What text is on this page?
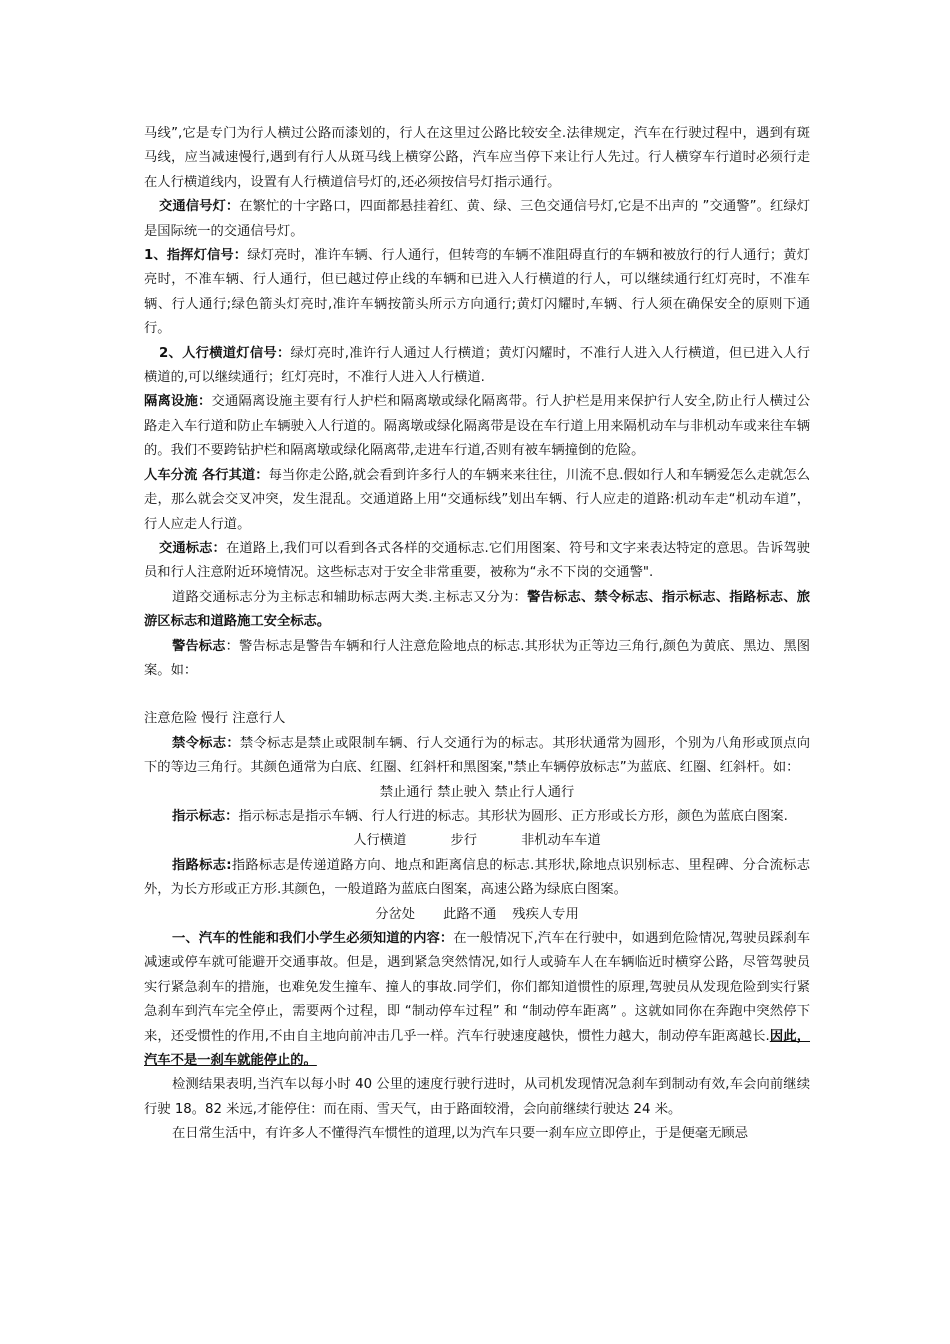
马线”,它是专门为行人横过公路而漆划的，行人在这里过公路比较安全.法律规定，汽车在行驶过程中，遇到有斑马线，应当减速慢行,遇到有行人从斑马线上横穿公路，汽车应当停下来让行人先过。行人横穿车行道时必须行走在人行横道线内，设置有人行横道信号灯的,还必须按信号灯指示通行。

交通信号灯：在繁忙的十字路口，四面都悬挂着红、黄、绿、三色交通信号灯,它是不出声的 ”交通警”。红绿灯是国际统一的交通信号灯。

1、指挥灯信号：绿灯亮时，准许车辆、行人通行，但转弯的车辆不准阻碍直行的车辆和被放行的行人通行；黄灯亮时，不准车辆、行人通行，但已越过停止线的车辆和已进入人行横道的行人，可以继续通行红灯亮时，不准车辆、行人通行;绿色箭头灯亮时,准许车辆按箭头所示方向通行;黄灯闪耀时,车辆、行人须在确保安全的原则下通行。

2、人行横道灯信号：绿灯亮时,准许行人通过人行横道；黄灯闪耀时，不准行人进入人行横道，但已进入人行横道的,可以继续通行；红灯亮时，不准行人进入人行横道.

隔离设施：交通隔离设施主要有行人护栏和隔离墩或绿化隔离带。行人护栏是用来保护行人安全,防止行人横过公路走入车行道和防止车辆驶入人行道的。隔离墩或绿化隔离带是设在车行道上用来隔机动车与非机动车或来往车辆的。我们不要跨钻护栏和隔离墩或绿化隔离带,走进车行道,否则有被车辆撞倒的危险。

人车分流 各行其道：每当你走公路,就会看到许多行人的车辆来来往往，川流不息.假如行人和车辆爱怎么走就怎么走，那么就会交叉冲突，发生混乱。交通道路上用“交通标线”划出车辆、行人应走的道路:机动车走“机动车道”，行人应走人行道。

交通标志：在道路上,我们可以看到各式各样的交通标志.它们用图案、符号和文字来表达特定的意思。告诉驾驶员和行人注意附近环境情况。这些标志对于安全非常重要，被称为“永不下岗的交通警".

道路交通标志分为主标志和辅助标志两大类.主标志又分为：警告标志、禁令标志、指示标志、指路标志、旅游区标志和道路施工安全标志。

警告标志：警告标志是警告车辆和行人注意危险地点的标志.其形状为正等边三角行,颜色为黄底、黑边、黑图案。如：

注意危险 慢行 注意行人

禁令标志：禁令标志是禁止或限制车辆、行人交通行为的标志。其形状通常为圆形，个别为八角形或顶点向下的等边三角行。其颜色通常为白底、红圈、红斜杆和黑图案,"禁止车辆停放标志”为蓝底、红圈、红斜杆。如：

禁止通行 禁止驶入 禁止行人通行

指示标志：指示标志是指示车辆、行人行进的标志。其形状为圆形、正方形或长方形，颜色为蓝底白图案.

人行横道	步行	非机动车车道

指路标志:指路标志是传递道路方向、地点和距离信息的标志.其形状,除地点识别标志、里程碑、分合流标志外，为长方形或正方形.其颜色，一般道路为蓝底白图案，高速公路为绿底白图案。

分岔处 此路不通 残疾人专用

一、汽车的性能和我们小学生必须知道的内容：在一般情况下,汽车在行驶中，如遇到危险情况,驾驶员踩刹车减速或停车就可能避开交通事故。但是，遇到紧急突然情况,如行人或骑车人在车辆临近时横穿公路，尽管驾驶员实行紧急刹车的措施，也难免发生撞车、撞人的事故.同学们，你们都知道惯性的原理,驾驶员从发现危险到实行紧急刹车到汽车完全停止，需要两个过程，即 “制动停车过程” 和 “制动停车距离” 。这就如同你在奔跑中突然停下来，还受惯性的作用,不由自主地向前冲击几乎一样。汽车行驶速度越快，惯性力越大，制动停车距离越长.因此，汽车不是一刹车就能停止的。

检测结果表明,当汽车以每小时 40 公里的速度行驶行进时，从司机发现情况急刹车到制动有效,车会向前继续行驶 18。82 米远,才能停住：而在雨、雪天气，由于路面较滑，会向前继续行驶达 24 米。

在日常生活中，有许多人不懂得汽车惯性的道理,以为汽车只要一刹车应立即停止，于是便毫无顾忌
